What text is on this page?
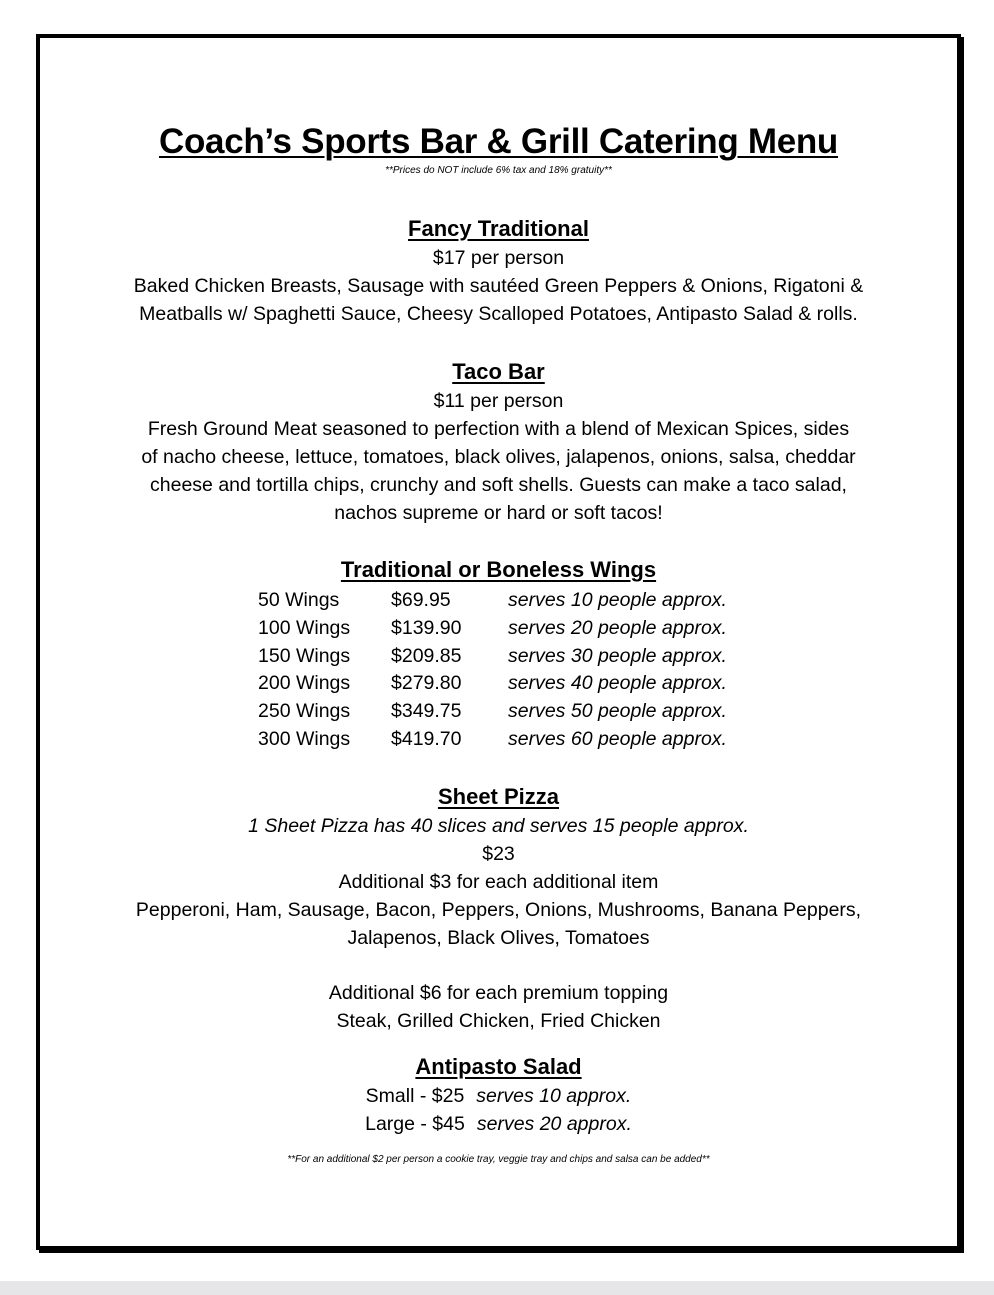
Coach’s Sports Bar & Grill Catering Menu
**Prices do NOT include 6% tax and 18% gratuity**
Fancy Traditional
$17 per person
Baked Chicken Breasts, Sausage with sautéed Green Peppers & Onions, Rigatoni &
Meatballs w/ Spaghetti Sauce, Cheesy Scalloped Potatoes, Antipasto Salad & rolls.
Taco Bar
$11 per person
Fresh Ground Meat seasoned to perfection with a blend of Mexican Spices, sides
of nacho cheese, lettuce, tomatoes, black olives, jalapenos, onions, salsa, cheddar
cheese and tortilla chips, crunchy and soft shells. Guests can make a taco salad,
nachos supreme or hard or soft tacos!
Traditional or Boneless Wings
50 Wings	$69.95	serves 10 people approx.
100 Wings $139.90 serves 20 people approx.
150 Wings $209.85 serves 30 people approx.
200 Wings $279.80 serves 40 people approx.
250 Wings $349.75 serves 50 people approx.
300 Wings $419.70 serves 60 people approx.
Sheet Pizza
1 Sheet Pizza has 40 slices and serves 15 people approx.
$23
Additional $3 for each additional item
Pepperoni, Ham, Sausage, Bacon, Peppers, Onions, Mushrooms, Banana Peppers,
Jalapenos, Black Olives, Tomatoes
Additional $6 for each premium topping
Steak, Grilled Chicken, Fried Chicken
Antipasto Salad
Small - $25 serves 10 approx.
Large - $45 serves 20 approx.
**For an additional $2 per person a cookie tray, veggie tray and chips and salsa can be added**
